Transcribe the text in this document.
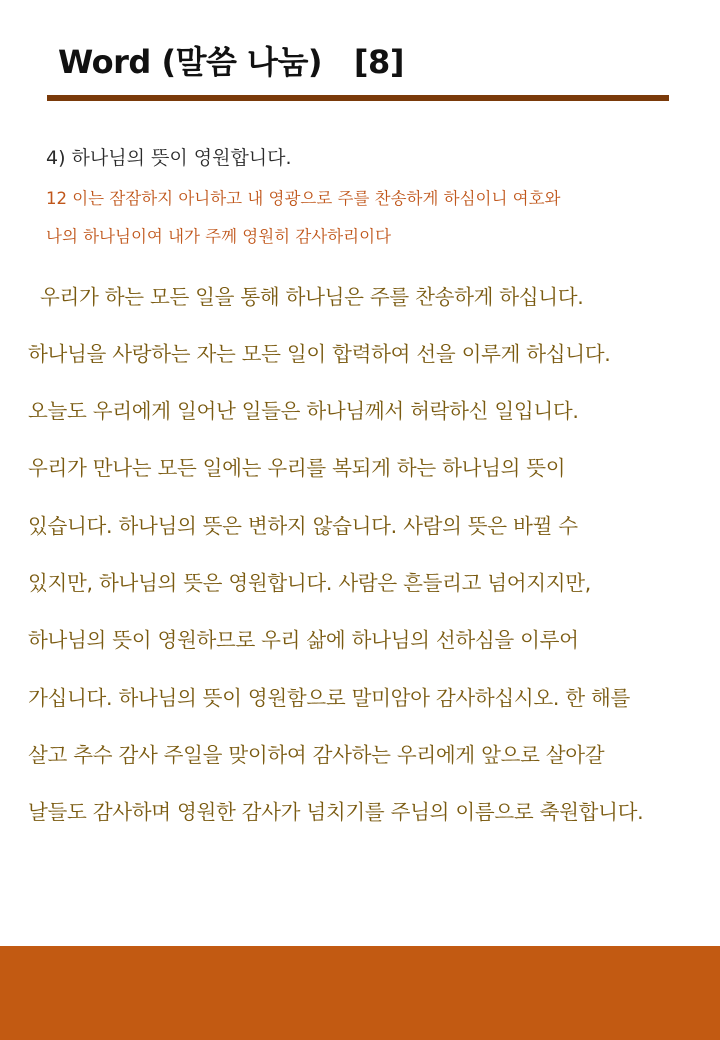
Word (말씀 나눔)   [8]
4) 하나님의 뜻이 영원합니다.
12 이는 잠잠하지 아니하고 내 영광으로 주를 찬송하게 하심이니 여호와
나의 하나님이여 내가 주께 영원히 감사하리이다
우리가 하는 모든 일을 통해 하나님은 주를 찬송하게 하십니다.
하나님을 사랑하는 자는 모든 일이 합력하여 선을 이루게 하십니다.
오늘도 우리에게 일어난 일들은 하나님께서 허락하신 일입니다.
우리가 만나는 모든 일에는 우리를 복되게 하는 하나님의 뜻이
있습니다. 하나님의 뜻은 변하지 않습니다. 사람의 뜻은 바뀔 수
있지만, 하나님의 뜻은 영원합니다. 사람은 흔들리고 넘어지지만,
하나님의 뜻이 영원하므로 우리 삶에 하나님의 선하심을 이루어
가십니다. 하나님의 뜻이 영원함으로 말미암아 감사하십시오. 한 해를
살고 추수 감사 주일을 맞이하여 감사하는 우리에게 앞으로 살아갈
날들도 감사하며 영원한 감사가 넘치기를 주님의 이름으로 축원합니다.
